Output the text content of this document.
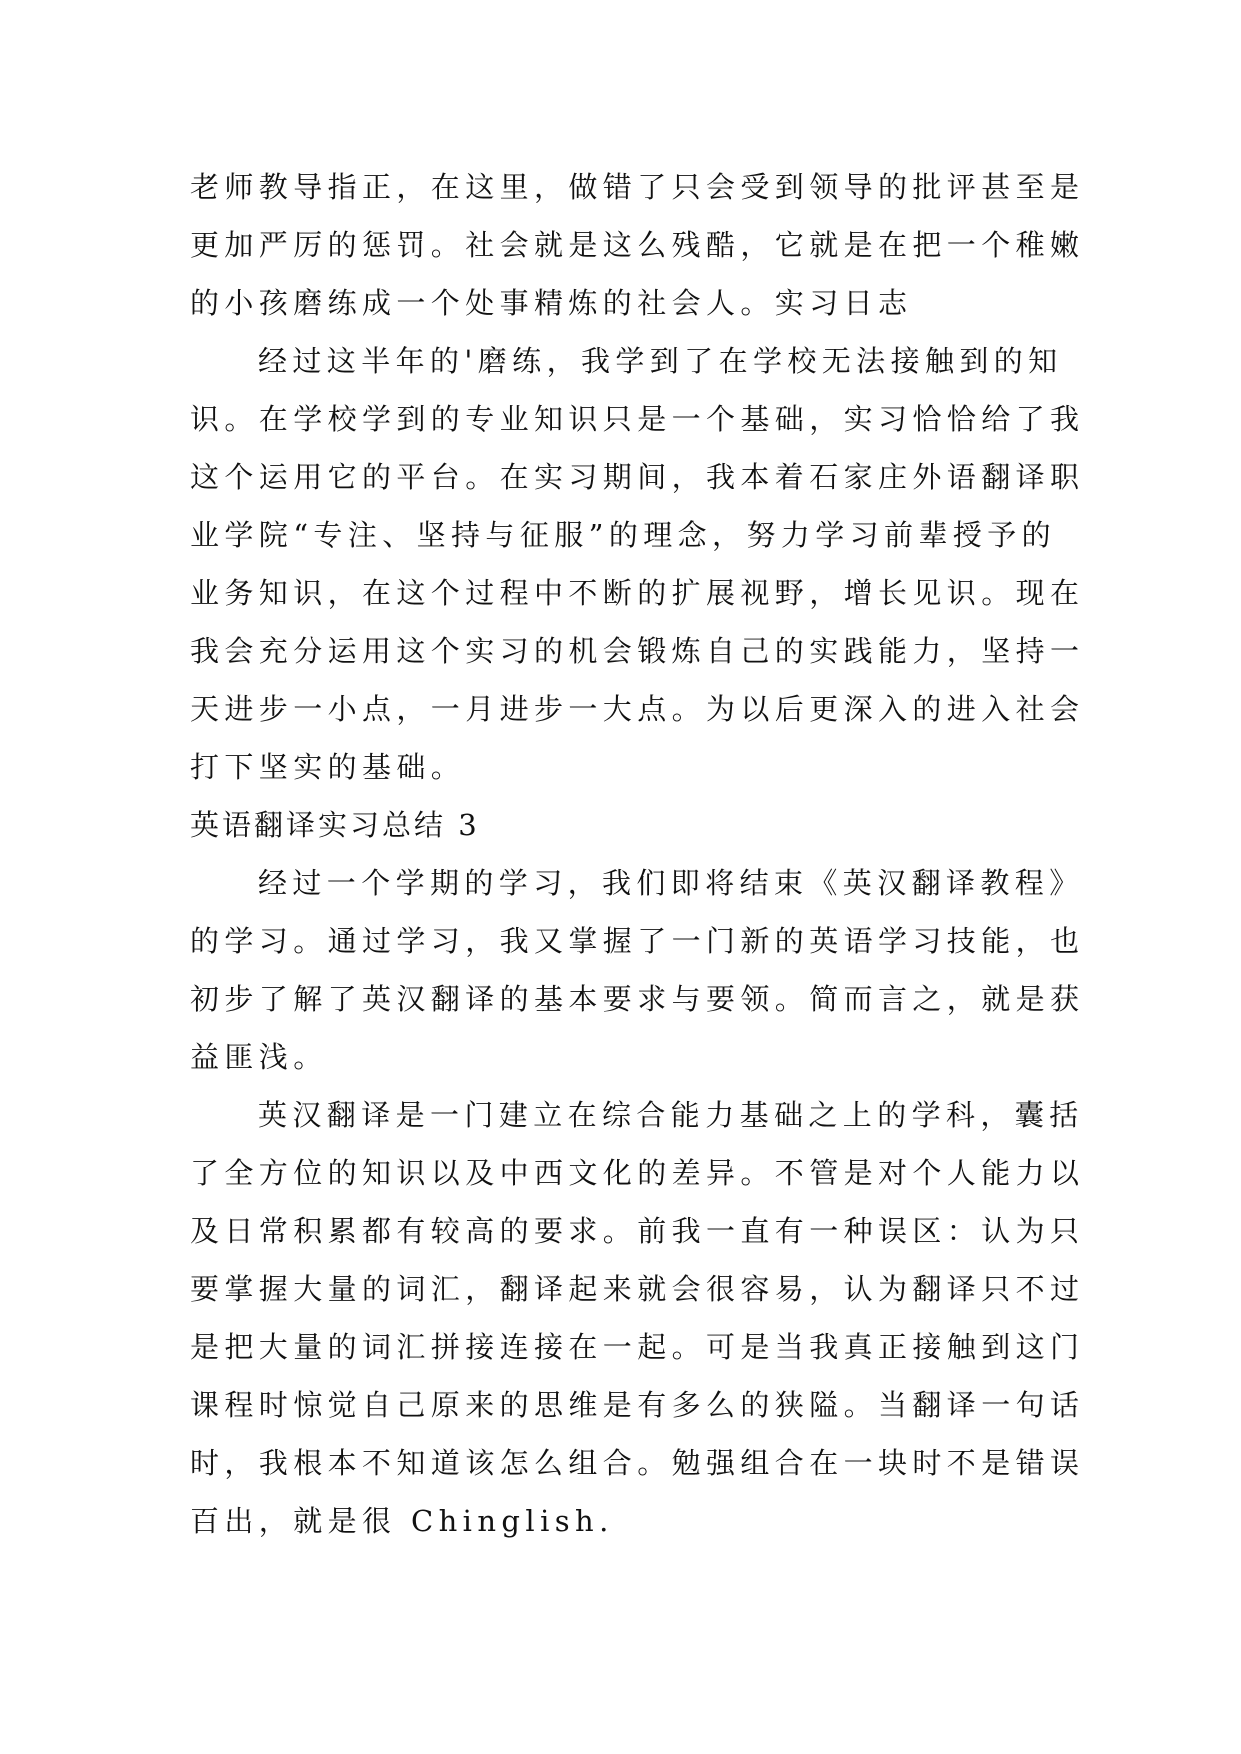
老师教导指正，在这里，做错了只会受到领导的批评甚至是
更加严厉的惩罚。社会就是这么残酷，它就是在把一个稚嫩
的小孩磨练成一个处事精炼的社会人。实习日志
经过这半年的'磨练，我学到了在学校无法接触到的知
识。在学校学到的专业知识只是一个基础，实习恰恰给了我
这个运用它的平台。在实习期间，我本着石家庄外语翻译职
业学院“专注、坚持与征服”的理念，努力学习前辈授予的
业务知识，在这个过程中不断的扩展视野，增长见识。现在
我会充分运用这个实习的机会锻炼自己的实践能力，坚持一
天进步一小点，一月进步一大点。为以后更深入的进入社会
打下坚实的基础。
英语翻译实习总结 3
经过一个学期的学习，我们即将结束《英汉翻译教程》
的学习。通过学习，我又掌握了一门新的英语学习技能，也
初步了解了英汉翻译的基本要求与要领。简而言之，就是获
益匪浅。
英汉翻译是一门建立在综合能力基础之上的学科，囊括
了全方位的知识以及中西文化的差异。不管是对个人能力以
及日常积累都有较高的要求。前我一直有一种误区：认为只
要掌握大量的词汇，翻译起来就会很容易，认为翻译只不过
是把大量的词汇拼接连接在一起。可是当我真正接触到这门
课程时惊觉自己原来的思维是有多么的狭隘。当翻译一句话
时，我根本不知道该怎么组合。勉强组合在一块时不是错误
百出，就是很 Chinglish.
